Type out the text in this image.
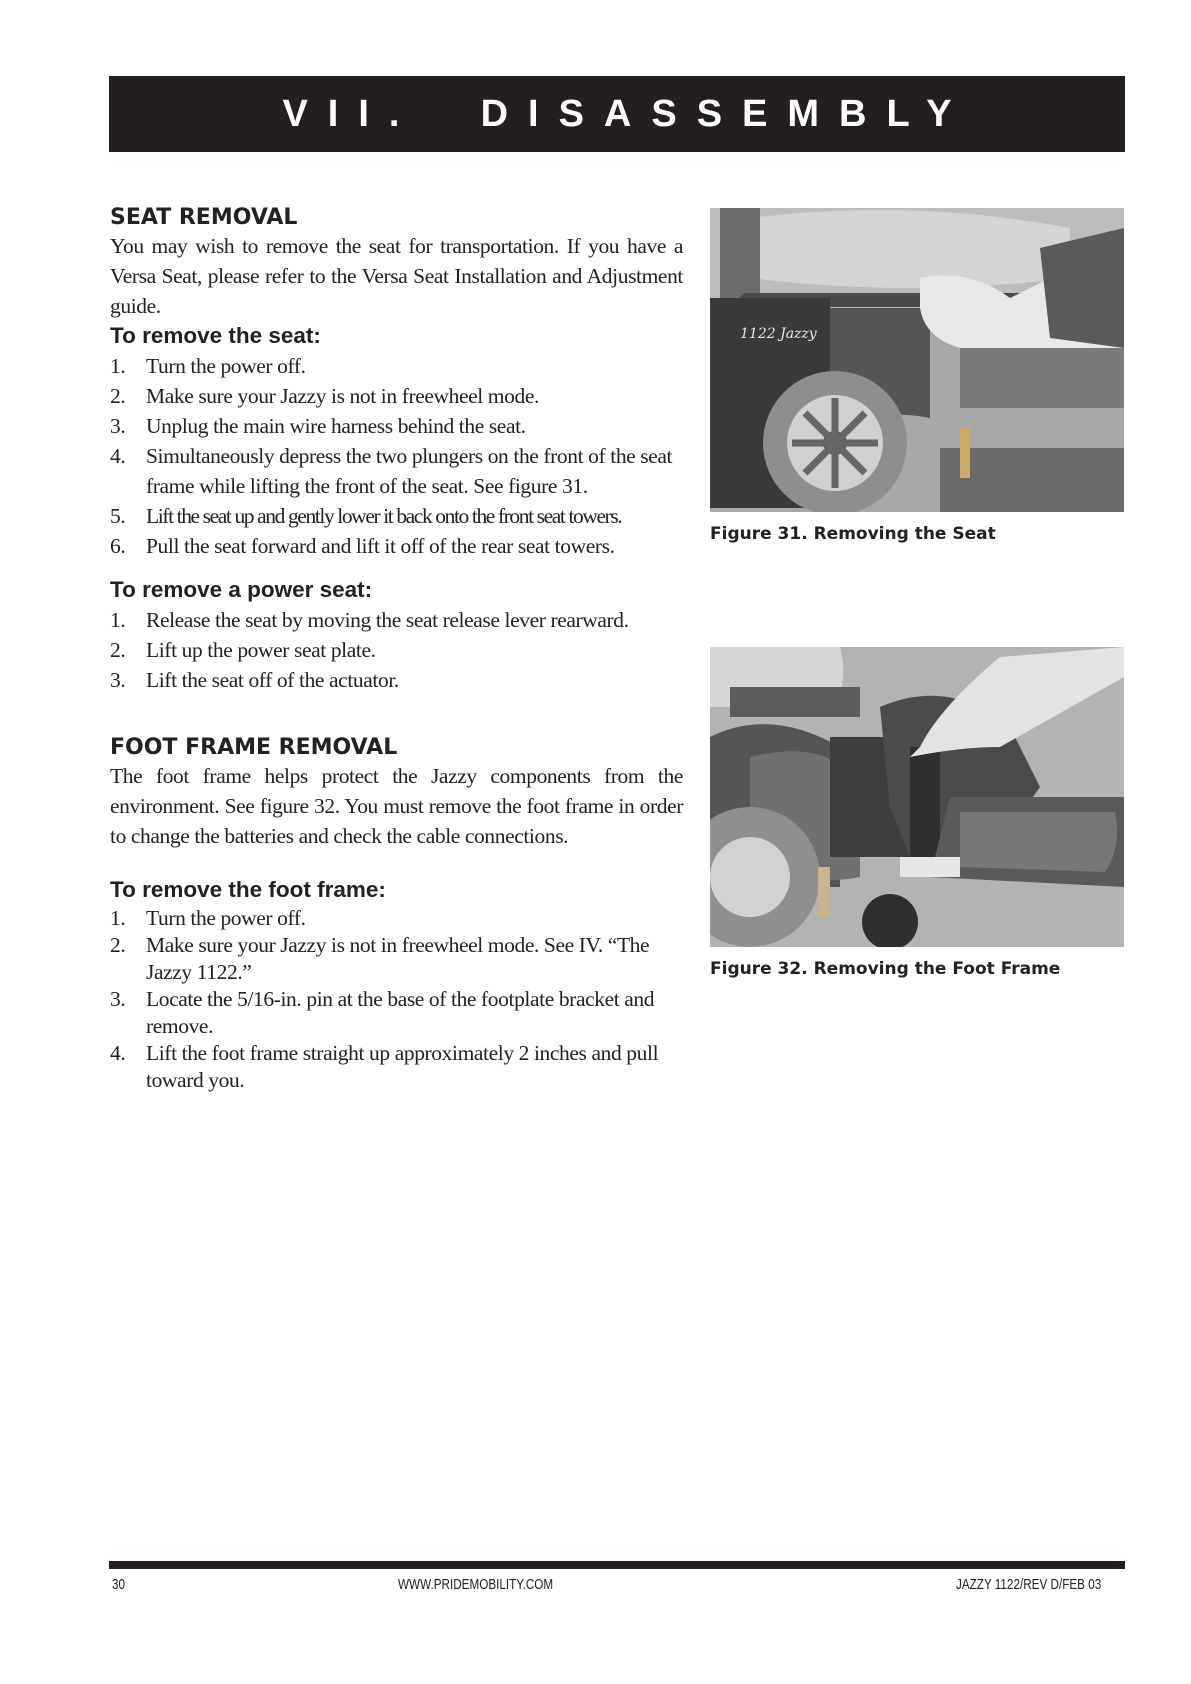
VII.  DISASSEMBLY
SEAT REMOVAL

You may wish to remove the seat for transportation. If you have a Versa Seat, please refer to the Versa Seat Installation and Adjustment guide.

To remove the seat:
1. Turn the power off.
2. Make sure your Jazzy is not in freewheel mode.
3. Unplug the main wire harness behind the seat.
4. Simultaneously depress the two plungers on the front of the seat frame while lifting the front of the seat. See figure 31.
5. Lift the seat up and gently lower it back onto the front seat towers.
6. Pull the seat forward and lift it off of the rear seat towers.
To remove a power seat:
1. Release the seat by moving the seat release lever rearward.
2. Lift up the power seat plate.
3. Lift the seat off of the actuator.
FOOT FRAME REMOVAL

The foot frame helps protect the Jazzy components from the environment. See figure 32. You must remove the foot frame in order to change the batteries and check the cable connections.

To remove the foot frame:
1. Turn the power off.
2. Make sure your Jazzy is not in freewheel mode. See IV. “The Jazzy 1122.”
3. Locate the 5/16-in. pin at the base of the footplate bracket and remove.
4. Lift the foot frame straight up approximately 2 inches and pull toward you.
1122 Jazzy
Figure 31. Removing the Seat
Figure 32. Removing the Foot Frame
30	WWW.PRIDEMOBILITY.COM	JAZZY 1122/REV D/FEB 03
